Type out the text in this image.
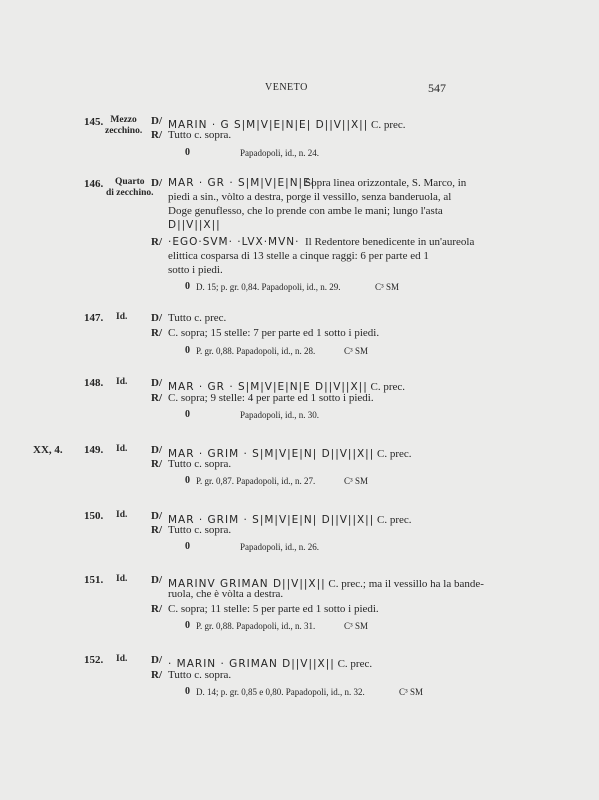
VENETO	547
145. Mezzo
zecchino.
D/ MARIN · G S|M|V|E|N|E| D||V||X|| C. prec.
R/ Tutto c. sopra.
0	Papadopoli, id., n. 24.
146.	Quarto
di zecchino.
D/ MAR · GR · S|M|V|E|N|E|
Sopra linea orizzontale, S. Marco, in
piedi a sin., vòlto a destra, porge il vessillo, senza banderuola, al
Doge genuflesso, che lo prende con ambe le mani; lungo l'asta
D||V||X||
R/ ·EGO·SVM· ·LVX·MVN· Il Redentore benedicente in un'aureola
elittica cosparsa di 13 stelle a cinque raggi: 6 per parte ed 1
sotto i piedi.
0 D. 15; p. gr. 0,84. Papadopoli, id., n. 29.	C³ SM
147. Id. D/ Tutto c. prec.
R/ C. sopra; 15 stelle: 7 per parte ed 1 sotto i piedi.
0 P. gr. 0,88. Papadopoli, id., n. 28.	C³ SM
148. Id. D/ MAR · GR · S|M|V|E|N|E D||V||X|| C. prec.
R/ C. sopra; 9 stelle: 4 per parte ed 1 sotto i piedi.
0	Papadopoli, id., n. 30.
XX, 4. 149. Id. D/ MAR · GRIM · S|M|V|E|N| D||V||X|| C. prec.
R/ Tutto c. sopra.
0 P. gr. 0,87. Papadopoli, id., n. 27.	C³ SM
150. Id. D/ MAR · GRIM · S|M|V|E|N| D||V||X|| C. prec.
R/ Tutto c. sopra.
0	Papadopoli, id., n. 26.
151. Id. D/ MARINV GRIMAN D||V||X|| C. prec.; ma il vessillo ha la bande-
ruola, che è vòlta a destra.
R/ C. sopra; 11 stelle: 5 per parte ed 1 sotto i piedi.
0 P. gr. 0,88. Papadopoli, id., n. 31.	C³ SM
152. Id. D/ · MARIN · GRIMAN D||V||X|| C. prec.
R/ Tutto c. sopra.
0 D. 14; p. gr. 0,85 e 0,80. Papadopoli, id., n. 32.	C³ SM
